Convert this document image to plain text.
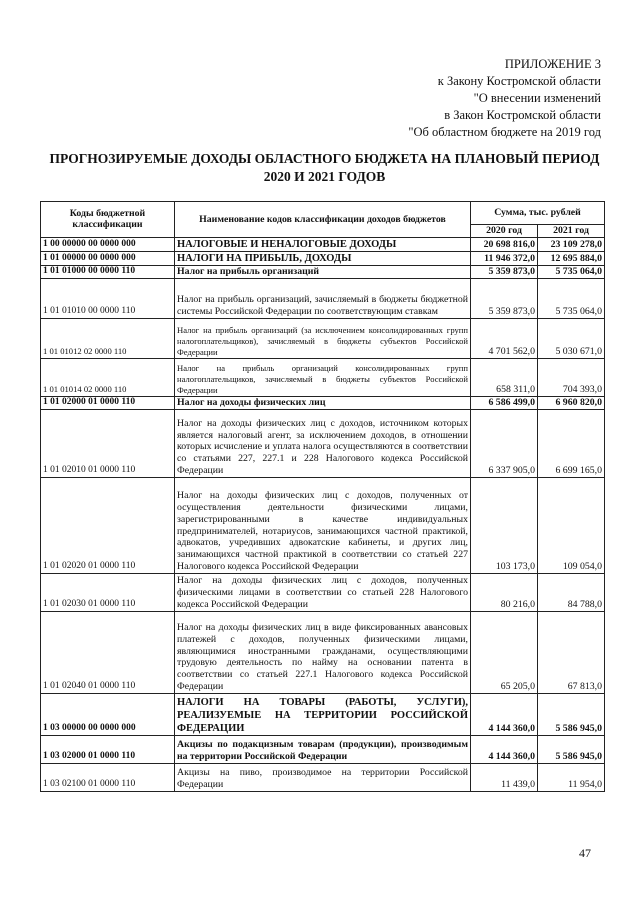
ПРИЛОЖЕНИЕ 3
к Закону Костромской области
"О внесении изменений
в Закон Костромской области
"Об областном бюджете на 2019 год
ПРОГНОЗИРУЕМЫЕ ДОХОДЫ ОБЛАСТНОГО БЮДЖЕТА НА ПЛАНОВЫЙ ПЕРИОД
2020 И 2021 ГОДОВ
Коды бюджетной классификации	Наименование кодов классификации доходов бюджетов	Сумма, тыс. рублей	
		2020 год	2021 год
1 00 00000 00 0000 000	НАЛОГОВЫЕ И НЕНАЛОГОВЫЕ ДОХОДЫ	20 698 816,0	23 109 278,0
1 01 00000 00 0000 000	НАЛОГИ НА ПРИБЫЛЬ, ДОХОДЫ	11 946 372,0	12 695 884,0
1 01 01000 00 0000 110	Налог на прибыль организаций	5 359 873,0	5 735 064,0
1 01 01010 00 0000 110	Налог на прибыль организаций, зачисляемый в бюджеты бюджетной системы Российской Федерации по соответствующим ставкам	5 359 873,0	5 735 064,0
1 01 01012 02 0000 110	Налог на прибыль организаций (за исключением консолидированных групп налогоплательщиков), зачисляемый в бюджеты субъектов Российской Федерации	4 701 562,0	5 030 671,0
1 01 01014 02 0000 110	Налог на прибыль организаций консолидированных групп налогоплательщиков, зачисляемый в бюджеты субъектов Российской Федерации	658 311,0	704 393,0
1 01 02000 01 0000 110	Налог на доходы физических лиц	6 586 499,0	6 960 820,0
1 01 02010 01 0000 110	Налог на доходы физических лиц с доходов, источником которых является налоговый агент, за исключением доходов, в отношении которых исчисление и уплата налога осуществляются в соответствии со статьями 227, 227.1 и 228 Налогового кодекса Российской Федерации	6 337 905,0	6 699 165,0
1 01 02020 01 0000 110	Налог на доходы физических лиц с доходов, полученных от осуществления деятельности физическими лицами, зарегистрированными в качестве индивидуальных предпринимателей, нотариусов, занимающихся частной практикой, адвокатов, учредивших адвокатские кабинеты, и других лиц, занимающихся частной практикой в соответствии со статьей 227 Налогового кодекса Российской Федерации	103 173,0	109 054,0
1 01 02030 01 0000 110	Налог на доходы физических лиц с доходов, полученных физическими лицами в соответствии со статьей 228 Налогового кодекса Российской Федерации	80 216,0	84 788,0
1 01 02040 01 0000 110	Налог на доходы физических лиц в виде фиксированных авансовых платежей с доходов, полученных физическими лицами, являющимися иностранными гражданами, осуществляющими трудовую деятельность по найму на основании патента в соответствии со статьей 227.1 Налогового кодекса Российской Федерации	65 205,0	67 813,0
1 03 00000 00 0000 000	НАЛОГИ НА ТОВАРЫ (РАБОТЫ, УСЛУГИ), РЕАЛИЗУЕМЫЕ НА ТЕРРИТОРИИ РОССИЙСКОЙ ФЕДЕРАЦИИ	4 144 360,0	5 586 945,0
1 03 02000 01 0000 110	Акцизы по подакцизным товарам (продукции), производимым на территории Российской Федерации	4 144 360,0	5 586 945,0
1 03 02100 01 0000 110	Акцизы на пиво, производимое на территории Российской Федерации	11 439,0	11 954,0
47
